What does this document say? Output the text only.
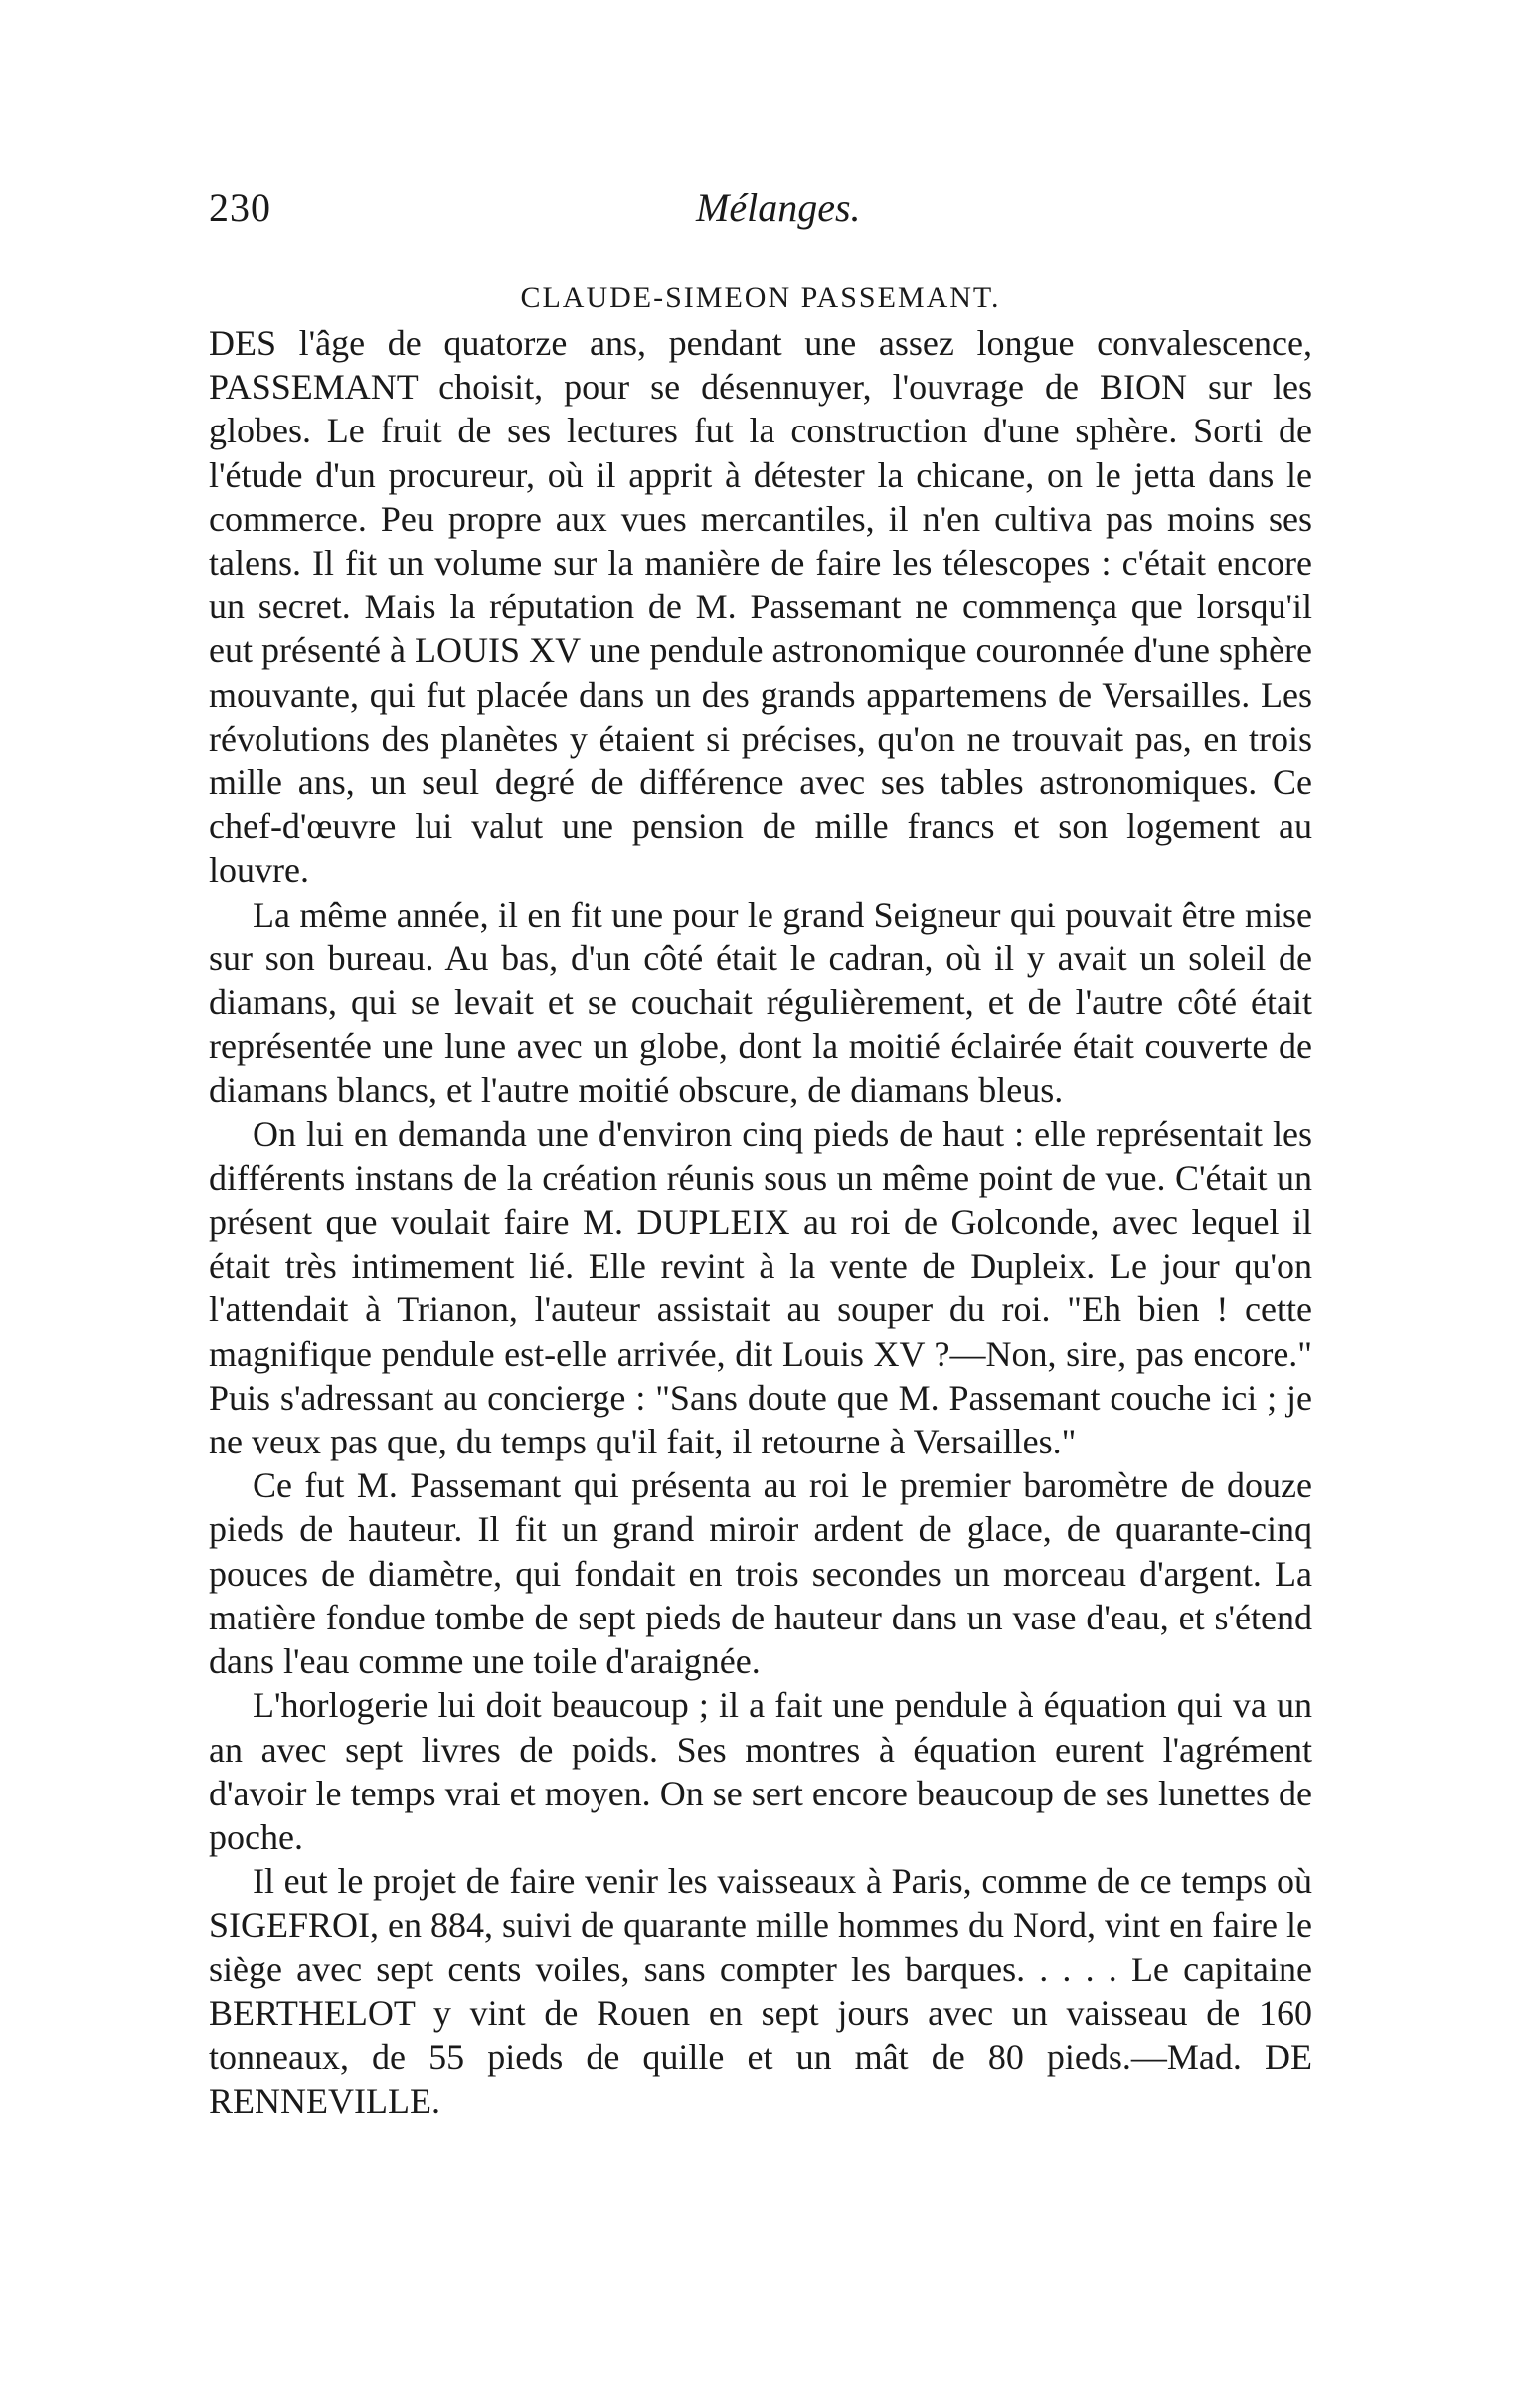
230	Mélanges.
CLAUDE-SIMEON PASSEMANT.

DES l'âge de quatorze ans, pendant une assez longue convalescence, PASSEMANT choisit, pour se désennuyer, l'ouvrage de BION sur les globes. Le fruit de ses lectures fut la construction d'une sphère. Sorti de l'étude d'un procureur, où il apprit à détester la chicane, on le jetta dans le commerce. Peu propre aux vues mercantiles, il n'en cultiva pas moins ses talens. Il fit un volume sur la manière de faire les télescopes : c'était encore un secret. Mais la réputation de M. Passemant ne commença que lorsqu'il eut présenté à LOUIS XV une pendule astronomique couronnée d'une sphère mouvante, qui fut placée dans un des grands appartemens de Versailles. Les révolutions des planètes y étaient si précises, qu'on ne trouvait pas, en trois mille ans, un seul degré de différence avec ses tables astronomiques. Ce chef-d'œuvre lui valut une pension de mille francs et son logement au louvre.

La même année, il en fit une pour le grand Seigneur qui pouvait être mise sur son bureau. Au bas, d'un côté était le cadran, où il y avait un soleil de diamans, qui se levait et se couchait régulièrement, et de l'autre côté était représentée une lune avec un globe, dont la moitié éclairée était couverte de diamans blancs, et l'autre moitié obscure, de diamans bleus.

On lui en demanda une d'environ cinq pieds de haut : elle représentait les différents instans de la création réunis sous un même point de vue. C'était un présent que voulait faire M. DUPLEIX au roi de Golconde, avec lequel il était très intimement lié. Elle revint à la vente de Dupleix. Le jour qu'on l'attendait à Trianon, l'auteur assistait au souper du roi. "Eh bien ! cette magnifique pendule est-elle arrivée, dit Louis XV ?—Non, sire, pas encore." Puis s'adressant au concierge : "Sans doute que M. Passemant couche ici ; je ne veux pas que, du temps qu'il fait, il retourne à Versailles."

Ce fut M. Passemant qui présenta au roi le premier baromètre de douze pieds de hauteur. Il fit un grand miroir ardent de glace, de quarante-cinq pouces de diamètre, qui fondait en trois secondes un morceau d'argent. La matière fondue tombe de sept pieds de hauteur dans un vase d'eau, et s'étend dans l'eau comme une toile d'araignée.

L'horlogerie lui doit beaucoup ; il a fait une pendule à équation qui va un an avec sept livres de poids. Ses montres à équation eurent l'agrément d'avoir le temps vrai et moyen. On se sert encore beaucoup de ses lunettes de poche.

Il eut le projet de faire venir les vaisseaux à Paris, comme de ce temps où SIGEFROI, en 884, suivi de quarante mille hommes du Nord, vint en faire le siège avec sept cents voiles, sans compter les barques. . . . . Le capitaine BERTHELOT y vint de Rouen en sept jours avec un vaisseau de 160 tonneaux, de 55 pieds de quille et un mât de 80 pieds.—Mad. DE RENNEVILLE.
